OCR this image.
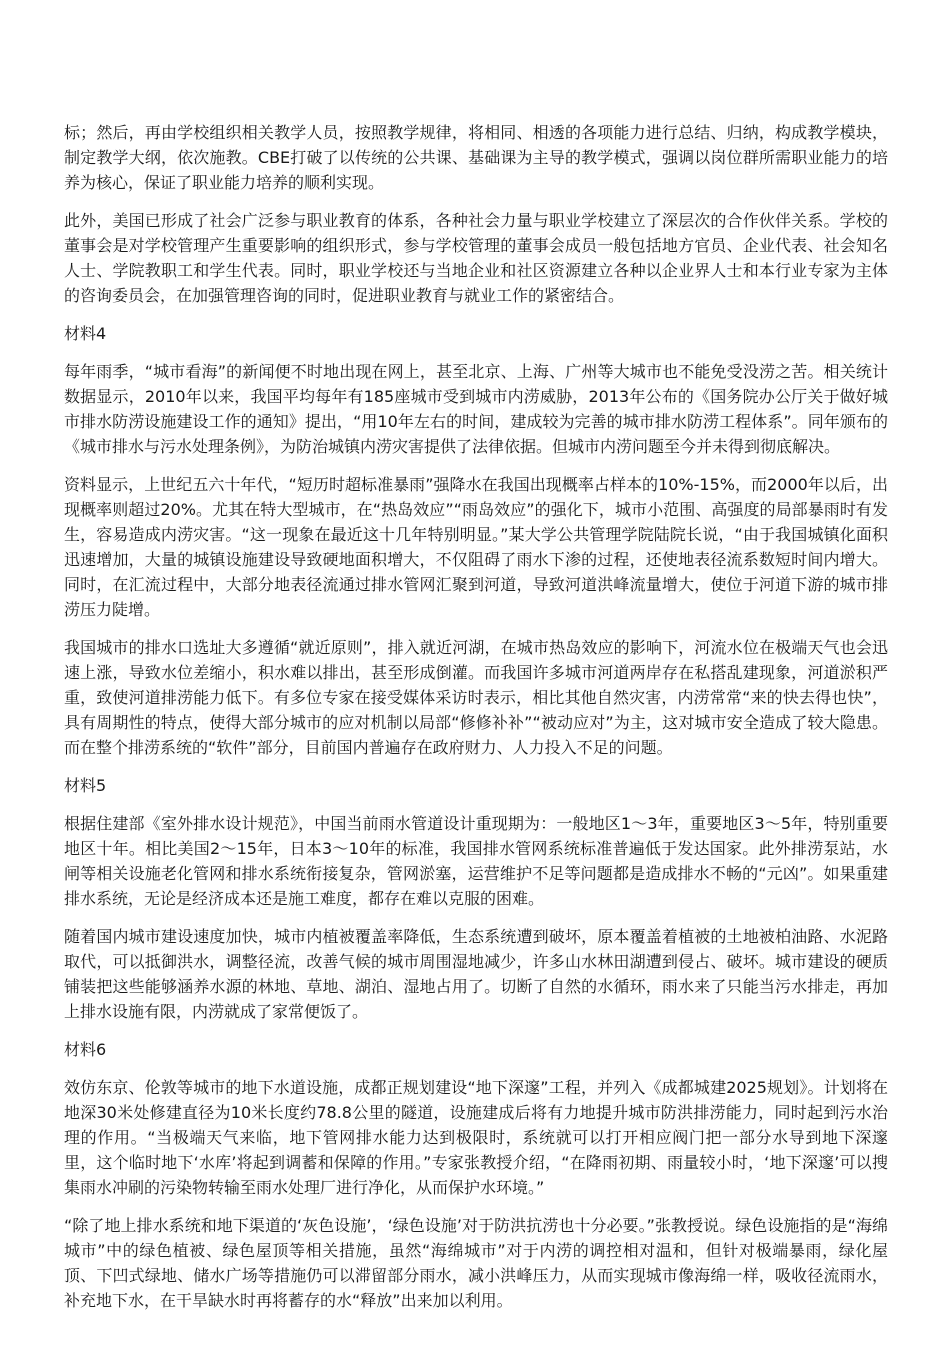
标；然后，再由学校组织相关教学人员，按照教学规律，将相同、相透的各项能力进行总结、归纳，构成教学模块，制定教学大纲，依次施教。CBE打破了以传统的公共课、基础课为主导的教学模式，强调以岗位群所需职业能力的培养为核心，保证了职业能力培养的顺利实现。

此外，美国已形成了社会广泛参与职业教育的体系，各种社会力量与职业学校建立了深层次的合作伙伴关系。学校的董事会是对学校管理产生重要影响的组织形式，参与学校管理的董事会成员一般包括地方官员、企业代表、社会知名人士、学院教职工和学生代表。同时，职业学校还与当地企业和社区资源建立各种以企业界人士和本行业专家为主体的咨询委员会，在加强管理咨询的同时，促进职业教育与就业工作的紧密结合。

材料4

每年雨季，“城市看海”的新闻便不时地出现在网上，甚至北京、上海、广州等大城市也不能免受没涝之苦。相关统计数据显示，2010年以来，我国平均每年有185座城市受到城市内涝威胁，2013年公布的《国务院办公厅关于做好城市排水防涝设施建设工作的通知》提出，“用10年左右的时间，建成较为完善的城市排水防涝工程体系”。同年颁布的《城市排水与污水处理条例》，为防治城镇内涝灾害提供了法律依据。但城市内涝问题至今并未得到彻底解决。

资料显示，上世纪五六十年代，“短历时超标准暴雨”强降水在我国出现概率占样本的10%-15%，而2000年以后，出现概率则超过20%。尤其在特大型城市，在“热岛效应”“雨岛效应”的强化下，城市小范围、高强度的局部暴雨时有发生，容易造成内涝灾害。“这一现象在最近这十几年特别明显。”某大学公共管理学院陆院长说，“由于我国城镇化面积迅速增加，大量的城镇设施建设导致硬地面积增大，不仅阻碍了雨水下渗的过程，还使地表径流系数短时间内增大。同时，在汇流过程中，大部分地表径流通过排水管网汇聚到河道，导致河道洪峰流量增大，使位于河道下游的城市排涝压力陡增。

我国城市的排水口选址大多遵循“就近原则”，排入就近河湖，在城市热岛效应的影响下，河流水位在极端天气也会迅速上涨，导致水位差缩小，积水难以排出，甚至形成倒灌。而我国许多城市河道两岸存在私搭乱建现象，河道淤积严重，致使河道排涝能力低下。有多位专家在接受媒体采访时表示，相比其他自然灾害，内涝常常“来的快去得也快”，具有周期性的特点，使得大部分城市的应对机制以局部“修修补补”“被动应对”为主，这对城市安全造成了较大隐患。而在整个排涝系统的“软件”部分，目前国内普遍存在政府财力、人力投入不足的问题。

材料5

根据住建部《室外排水设计规范》，中国当前雨水管道设计重现期为：一般地区1～3年，重要地区3～5年，特别重要地区十年。相比美国2～15年，日本3～10年的标准，我国排水管网系统标准普遍低于发达国家。此外排涝泵站，水闸等相关设施老化管网和排水系统衔接复杂，管网淤塞，运营维护不足等问题都是造成排水不畅的“元凶”。如果重建排水系统，无论是经济成本还是施工难度，都存在难以克服的困难。

随着国内城市建设速度加快，城市内植被覆盖率降低，生态系统遭到破坏，原本覆盖着植被的土地被柏油路、水泥路取代，可以抵御洪水，调整径流，改善气候的城市周围湿地减少，许多山水林田湖遭到侵占、破坏。城市建设的硬质铺装把这些能够涵养水源的林地、草地、湖泊、湿地占用了。切断了自然的水循环，雨水来了只能当污水排走，再加上排水设施有限，内涝就成了家常便饭了。

材料6

效仿东京、伦敦等城市的地下水道设施，成都正规划建设“地下深邃”工程，并列入《成都城建2025规划》。计划将在地深30米处修建直径为10米长度约78.8公里的隧道，设施建成后将有力地提升城市防洪排涝能力，同时起到污水治理的作用。“当极端天气来临，地下管网排水能力达到极限时，系统就可以打开相应阀门把一部分水导到地下深邃里，这个临时地下‘水库’将起到调蓄和保障的作用。”专家张教授介绍，“在降雨初期、雨量较小时，‘地下深邃’可以搜集雨水冲刷的污染物转输至雨水处理厂进行净化，从而保护水环境。”

“除了地上排水系统和地下渠道的‘灰色设施’，‘绿色设施’对于防洪抗涝也十分必要。”张教授说。绿色设施指的是“海绵城市”中的绿色植被、绿色屋顶等相关措施，虽然“海绵城市”对于内涝的调控相对温和，但针对极端暴雨，绿化屋顶、下凹式绿地、储水广场等措施仍可以滞留部分雨水，减小洪峰压力，从而实现城市像海绵一样，吸收径流雨水，补充地下水，在干旱缺水时再将蓄存的水“释放”出来加以利用。
